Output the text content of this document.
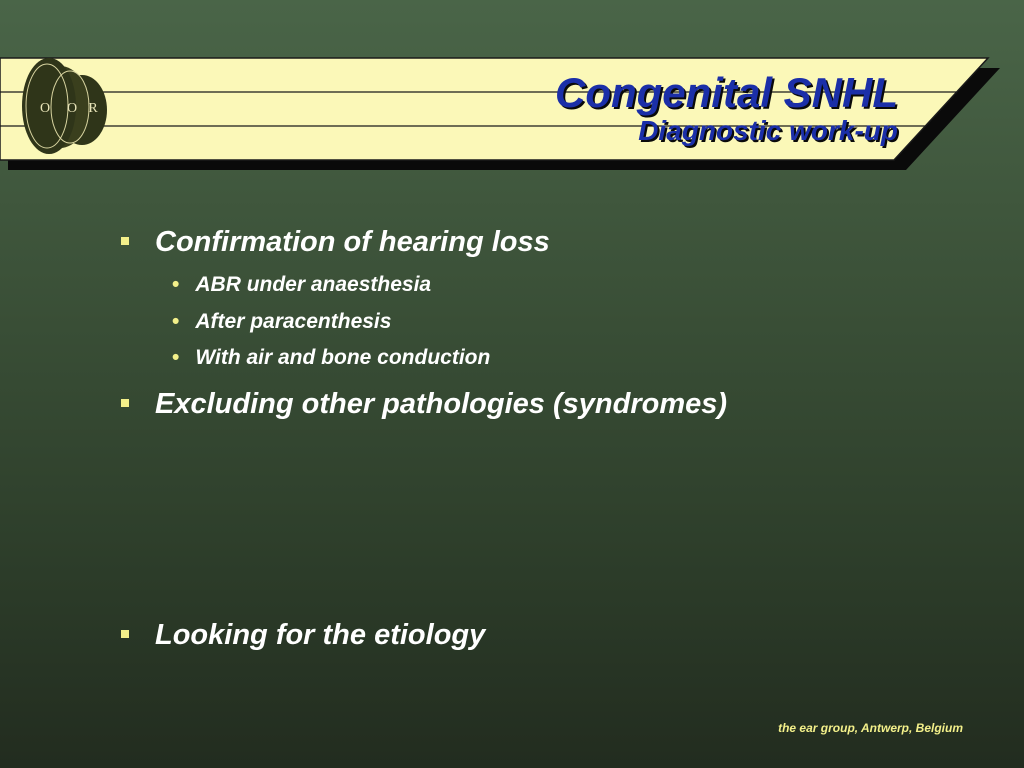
O O R	Congenital SNHL
Diagnostic work-up
Confirmation of hearing loss
• ABR under anaesthesia
• After paracenthesis
• With air and bone conduction
Excluding other pathologies (syndromes)
Looking for the etiology
the ear group, Antwerp, Belgium
